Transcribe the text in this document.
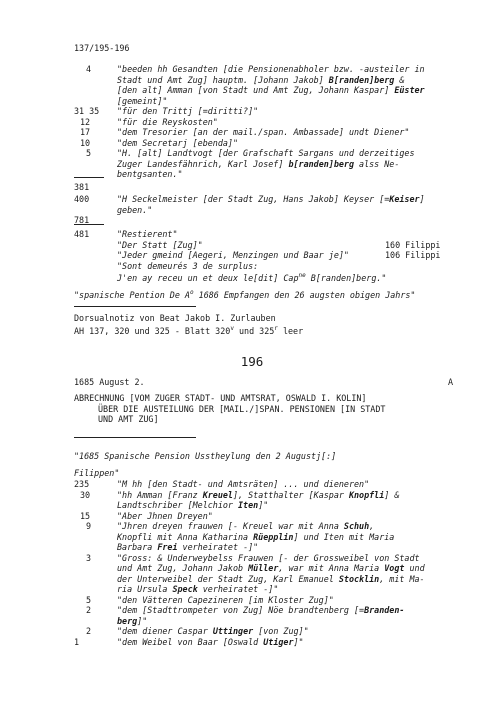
137/195-196
4	"beeden hh Gesandten [die Pensionenabholer bzw. -austeiler in
Stadt und Amt Zug] hauptm. [Johann Jakob] B[randen]berg &
[den alt] Amman [von Stadt und Amt Zug, Johann Kaspar] Eüster
[gemeint]"
31 35 "für den Trittj [=diritti?]"
12	"für die Reyskosten"
17	"dem Tresorier [an der mail./span. Ambassade] undt Diener"
10	"dem Secretarj [ebenda]"
5	"H. [alt] Landtvogt [der Grafschaft Sargans und derzeitiges
Zuger Landesfähnrich, Karl Josef] b[randen]berg alss Ne-
bentgsanten."
381
400	"H Seckelmeister [der Stadt Zug, Hans Jakob] Keyser [=Keiser]
geben."
781
481	"Restierent"
"Der Statt [Zug]"	160 Filippi
"Jeder gmeind [Aegeri, Menzingen und Baar je]"	106 Filippi
"Sont demeurés 3 de surplus:
J'en ay receu un et deux le[dit] Cap$^{ne}$ B[randen]berg."
"spanische Pention De $A^o$ 1686 Empfangen den 26 augsten obigen Jahrs"
Dorsualnotiz von Beat Jakob I. Zurlauben
AH 137, 320 und 325 - Blatt 320$^v$ und 325$^r$ leer
196
1685 August 2.	A
ABRECHNUNG [VOM ZUGER STADT- UND AMTSRAT, OSWALD I. KOLIN]
ÜBER DIE AUSTEILUNG DER [MAIL./]SPAN. PENSIONEN [IN STADT
UND AMT ZUG]
"1685 Spanische Pension Usstheylung den 2 Augustj[:]
Filippen"
235	"M hh [den Stadt- und Amtsräten] ... und dieneren"
30	"hh Amman [Franz Kreuel], Statthalter [Kaspar Knopfli] &
Landtschriber [Melchior Iten]"
15	"Aber Jhnen Dreyen"
9	"Jhren dreyen frauwen [- Kreuel war mit Anna Schuh,
Knopfli mit Anna Katharina Rüepplin] und Iten mit Maria
Barbara Frei verheiratet -]"
3	"Gross: & Underweybelss Frauwen [- der Grossweibel von Stadt
und Amt Zug, Johann Jakob Müller, war mit Anna Maria Vogt und
der Unterweibel der Stadt Zug, Karl Emanuel Stocklin, mit Ma-
ria Ursula Speck verheiratet -]"
5	"den Vätteren Capezineren [im Kloster Zug]"
2	"dem [Stadttrompeter von Zug] Nöe brandtenberg [=Branden-
berg]"
2	"dem diener Caspar Uttinger [von Zug]"
1	"dem Weibel von Baar [Oswald Utiger]"
